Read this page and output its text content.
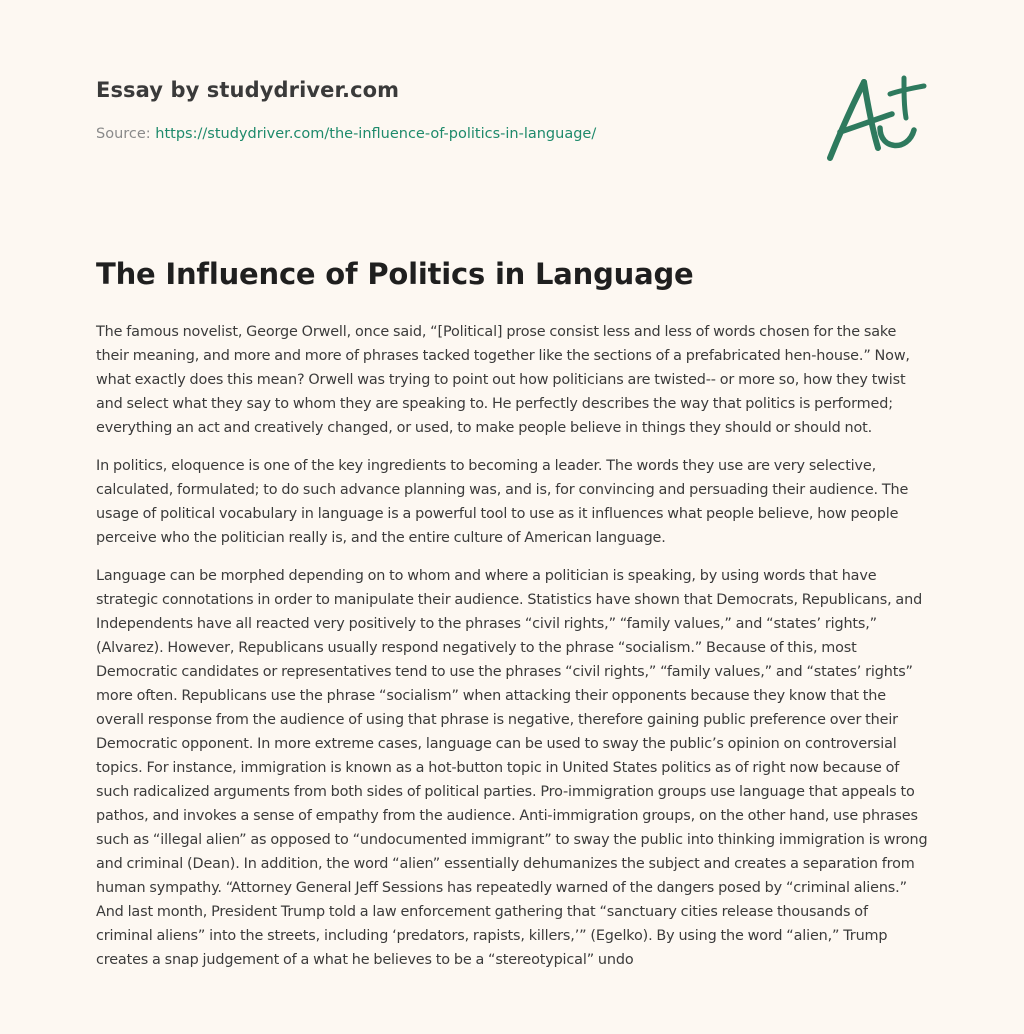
Essay by studydriver.com
Source: https://studydriver.com/the-influence-of-politics-in-language/
The Influence of Politics in Language

The famous novelist, George Orwell, once said, “[Political] prose consist less and less of words chosen for the sake their meaning, and more and more of phrases tacked together like the sections of a prefabricated hen-house.” Now, what exactly does this mean? Orwell was trying to point out how politicians are twisted-- or more so, how they twist and select what they say to whom they are speaking to. He perfectly describes the way that politics is performed; everything an act and creatively changed, or used, to make people believe in things they should or should not.

In politics, eloquence is one of the key ingredients to becoming a leader. The words they use are very selective, calculated, formulated; to do such advance planning was, and is, for convincing and persuading their audience. The usage of political vocabulary in language is a powerful tool to use as it influences what people believe, how people perceive who the politician really is, and the entire culture of American language.

Language can be morphed depending on to whom and where a politician is speaking, by using words that have strategic connotations in order to manipulate their audience. Statistics have shown that Democrats, Republicans, and Independents have all reacted very positively to the phrases “civil rights,” “family values,” and “states’ rights,” (Alvarez). However, Republicans usually respond negatively to the phrase “socialism.” Because of this, most Democratic candidates or representatives tend to use the phrases “civil rights,” “family values,” and “states’ rights” more often. Republicans use the phrase “socialism” when attacking their opponents because they know that the overall response from the audience of using that phrase is negative, therefore gaining public preference over their Democratic opponent. In more extreme cases, language can be used to sway the public’s opinion on controversial topics. For instance, immigration is known as a hot-button topic in United States politics as of right now because of such radicalized arguments from both sides of political parties. Pro-immigration groups use language that appeals to pathos, and invokes a sense of empathy from the audience. Anti-immigration groups, on the other hand, use phrases such as “illegal alien” as opposed to “undocumented immigrant” to sway the public into thinking immigration is wrong and criminal (Dean). In addition, the word “alien” essentially dehumanizes the subject and creates a separation from human sympathy. “Attorney General Jeff Sessions has repeatedly warned of the dangers posed by “criminal aliens.” And last month, President Trump told a law enforcement gathering that “sanctuary cities release thousands of criminal aliens” into the streets, including ‘predators, rapists, killers,’” (Egelko). By using the word “alien,” Trump creates a snap judgement of a what he believes to be a “stereotypical” undo
